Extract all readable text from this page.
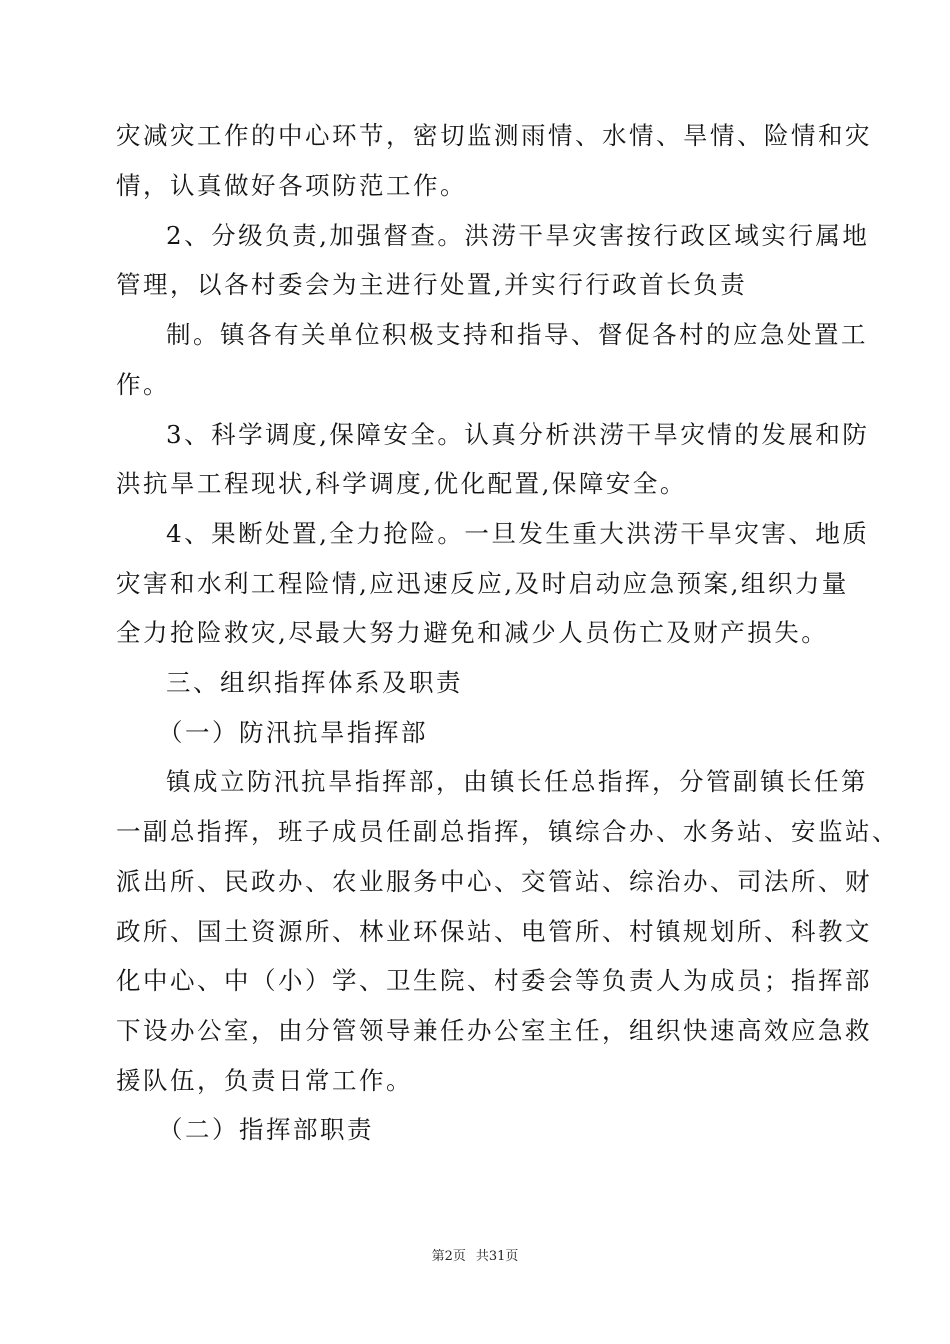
灾减灾工作的中心环节，密切监测雨情、水情、旱情、险情和灾
情，认真做好各项防范工作。
2、分级负责,加强督查。洪涝干旱灾害按行政区域实行属地
管理，以各村委会为主进行处置,并实行行政首长负责
制。镇各有关单位积极支持和指导、督促各村的应急处置工
作。
3、科学调度,保障安全。认真分析洪涝干旱灾情的发展和防
洪抗旱工程现状,科学调度,优化配置,保障安全。
4、果断处置,全力抢险。一旦发生重大洪涝干旱灾害、地质
灾害和水利工程险情,应迅速反应,及时启动应急预案,组织力量
全力抢险救灾,尽最大努力避免和减少人员伤亡及财产损失。
三、组织指挥体系及职责
（一）防汛抗旱指挥部
镇成立防汛抗旱指挥部，由镇长任总指挥，分管副镇长任第
一副总指挥，班子成员任副总指挥，镇综合办、水务站、安监站、
派出所、民政办、农业服务中心、交管站、综治办、司法所、财
政所、国土资源所、林业环保站、电管所、村镇规划所、科教文
化中心、中（小）学、卫生院、村委会等负责人为成员；指挥部
下设办公室，由分管领导兼任办公室主任，组织快速高效应急救
援队伍，负责日常工作。
（二）指挥部职责
第2页 共31页
